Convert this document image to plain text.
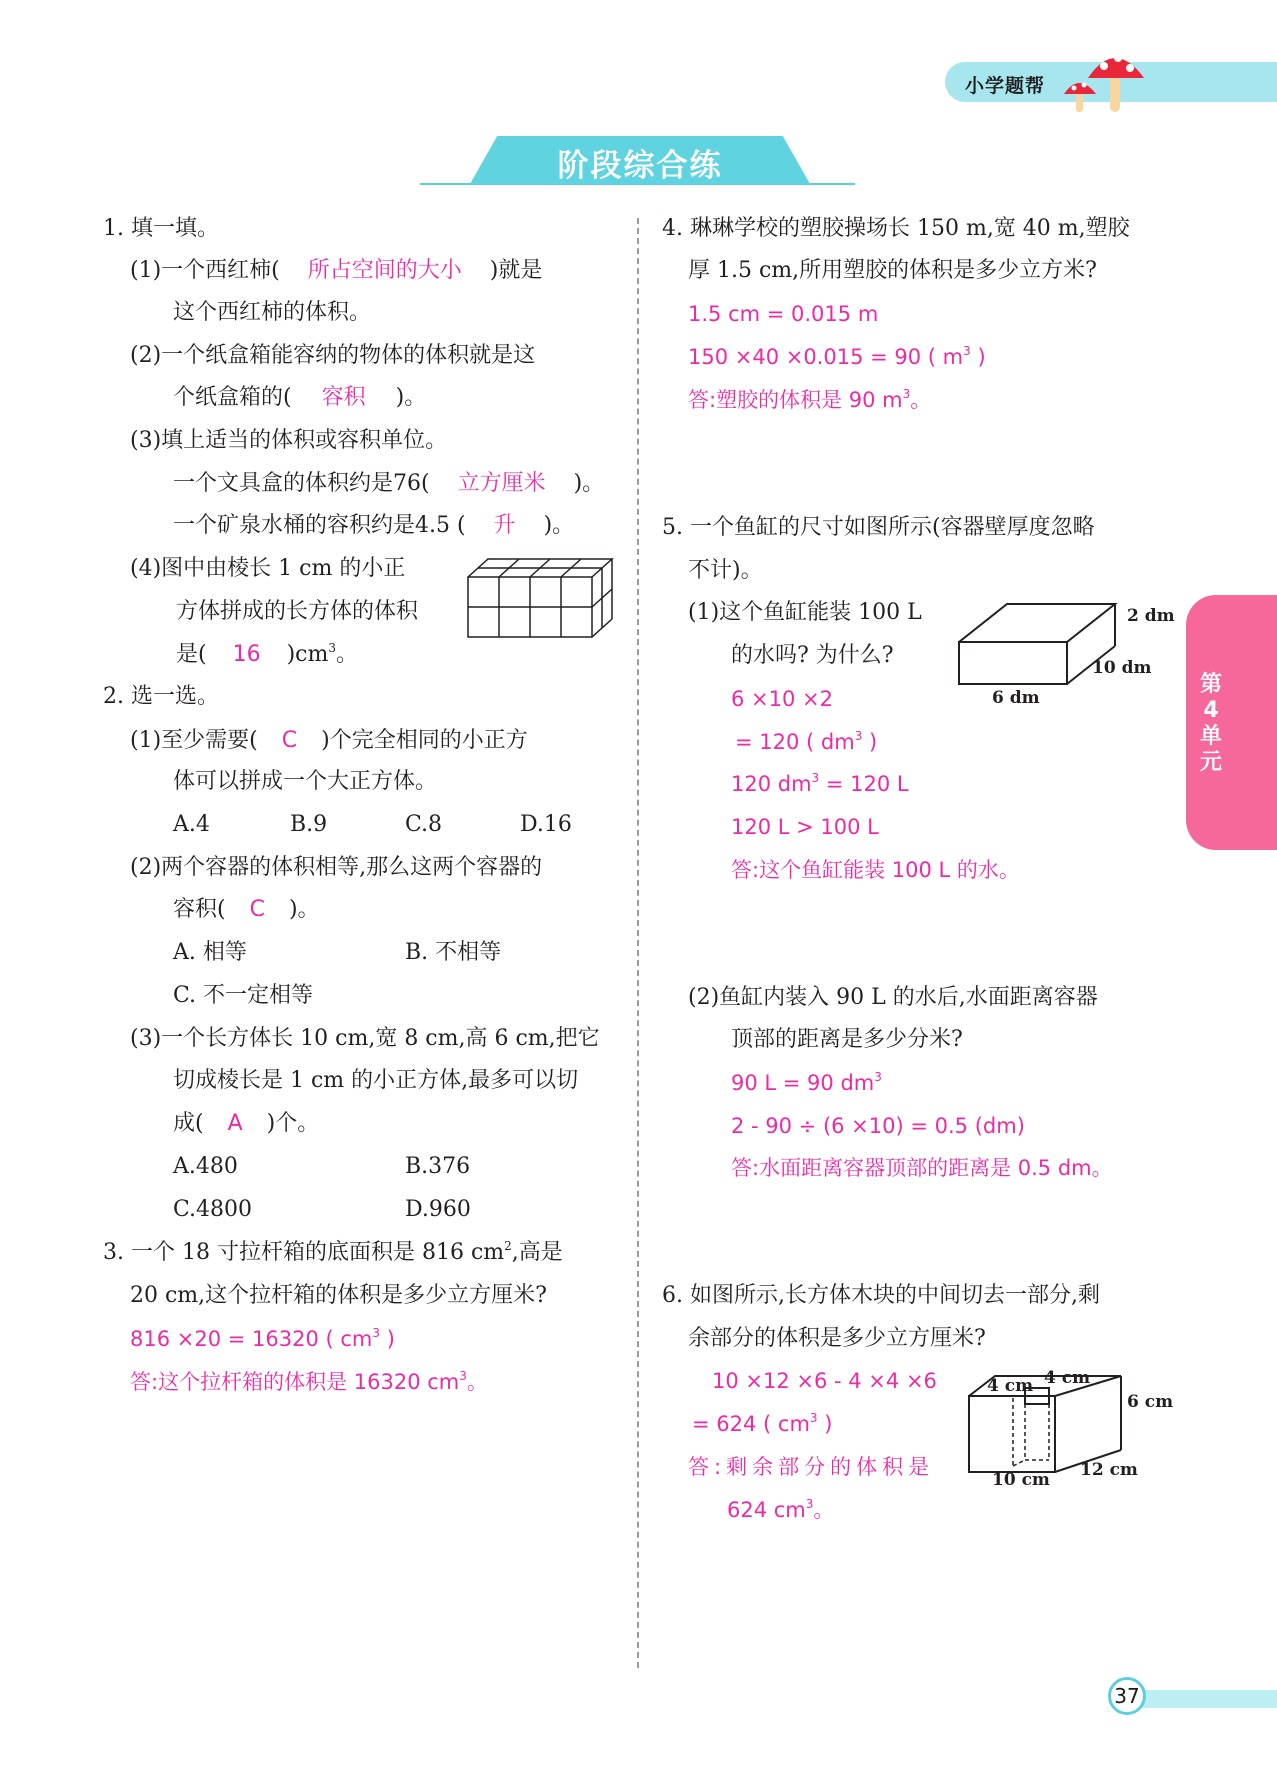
小学题帮
阶段综合练
1. 填一填。
(1)一个西红柿( 所占空间的大小 )就是
这个西红柿的体积。
(2)一个纸盒箱能容纳的物体的体积就是这
个纸盒箱的( 容积 )。
(3)填上适当的体积或容积单位。
一个文具盒的体积约是76( 立方厘米 )。
一个矿泉水桶的容积约是4.5 ( 升 )。
(4)图中由棱长 1 cm 的小正
方体拼成的长方体的体积
是( 16 )$cm^3$。
2. 选一选。
(1)至少需要( C )个完全相同的小正方
体可以拼成一个大正方体。
A.4	B.9	C.8	D.16
(2)两个容器的体积相等,那么这两个容器的
容积( C )。
A. 相等	B. 不相等
C. 不一定相等
(3)一个长方体长 10 cm,宽 8 cm,高 6 cm,把它
切成棱长是 1 cm 的小正方体,最多可以切
成( A )个。
A.480	B.376
C.4800	D.960
3. 一个 18 寸拉杆箱的底面积是 816 $cm^2$,高是
20 cm,这个拉杆箱的体积是多少立方厘米?
816 ×20 = 16320 ( $cm^3$ )
答:这个拉杆箱的体积是 16320 $cm^3$。
4. 琳琳学校的塑胶操场长 150 m,宽 40 m,塑胶
厚 1.5 cm,所用塑胶的体积是多少立方米?
1.5 cm = 0.015 m
150 ×40 ×0.015 = 90 ( $m^3$ )
答:塑胶的体积是 90 $m^3$。
5. 一个鱼缸的尺寸如图所示(容器壁厚度忽略
不计)。
(1)这个鱼缸能装 100 L
的水吗? 为什么?
6 ×10 ×2
= 120 ( $dm^3$ )
120 $dm^3 = 120$ L
120 L > 100 L
答:这个鱼缸能装 100 L 的水。
2 dm
10 dm
6 dm
(2)鱼缸内装入 90 L 的水后,水面距离容器
顶部的距离是多少分米?
90 L = 90 $dm^3$
2 - 90 ÷ (6 ×10) = 0.5 (dm)
答:水面距离容器顶部的距离是 0.5 dm。
6. 如图所示,长方体木块的中间切去一部分,剩
余部分的体积是多少立方厘米?
10 ×12 ×6 - 4 ×4 ×6
= 624 ( $cm^3$ )
答:剩余部分的体积是
624 $cm^3$。
4 cm 4 cm
6 cm
10 cm 12 cm
第4单元
37
